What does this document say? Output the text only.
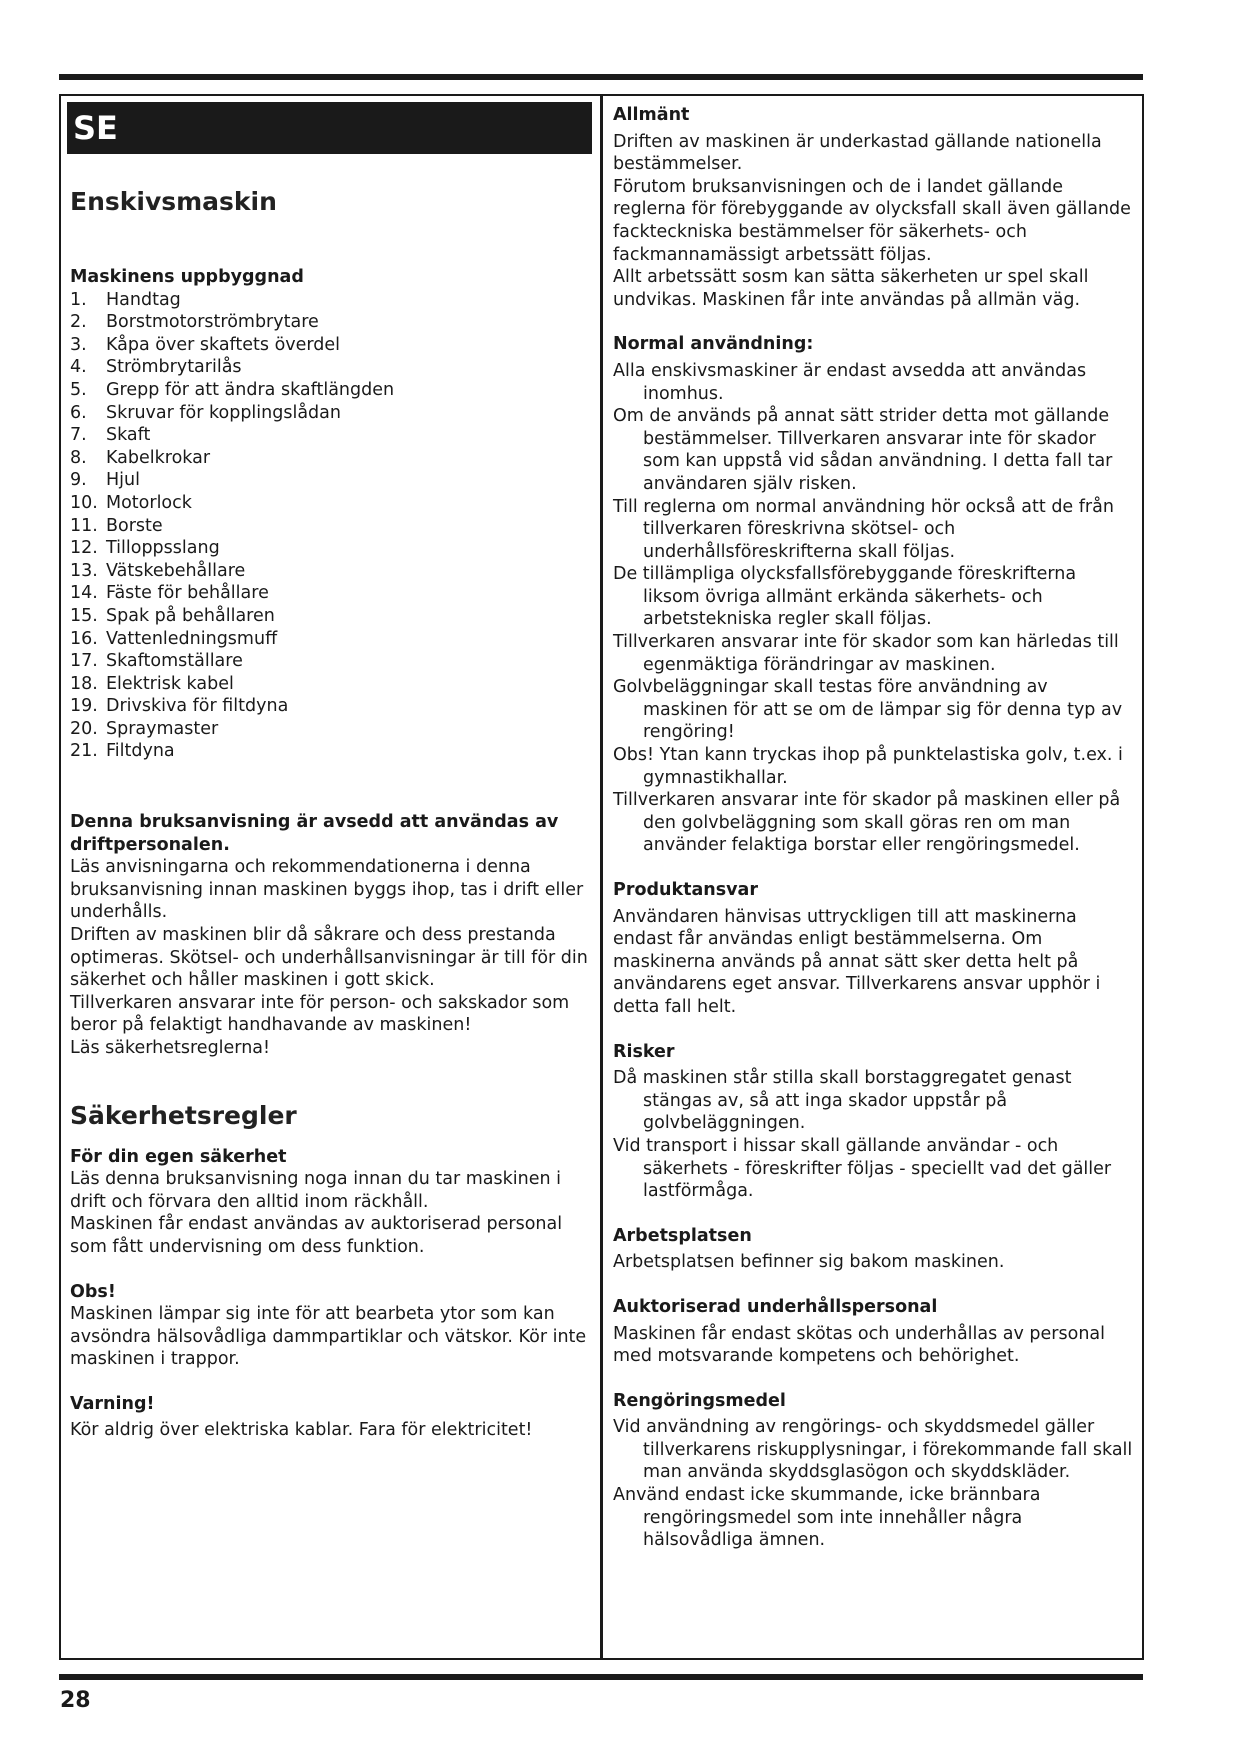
SE
Enskivsmaskin
Maskinens uppbyggnad
1.	Handtag
2.	Borstmotorströmbrytare
3.	Kåpa över skaftets överdel
4.	Strömbrytarilås
5.	Grepp för att ändra skaftlängden
6.	Skruvar för kopplingslådan
7.	Skaft
8.	Kabelkrokar
9.	Hjul
10. Motorlock
11. Borste
12. Tilloppsslang
13. Vätskebehållare
14. Fäste för behållare
15. Spak på behållaren
16. Vattenledningsmuff
17. Skaftomställare
18. Elektrisk kabel
19. Drivskiva för filtdyna
20. Spraymaster
21. Filtdyna
Denna bruksanvisning är avsedd att användas av driftpersonalen.

Läs anvisningarna och rekommendationerna i denna bruksanvisning innan maskinen byggs ihop, tas i drift eller underhålls.
Driften av maskinen blir då såkrare och dess prestanda optimeras. Skötsel- och underhållsanvisningar är till för din säkerhet och håller maskinen i gott skick.
Tillverkaren ansvarar inte för person- och sakskador som beror på felaktigt handhavande av maskinen!
Läs säkerhetsreglerna!

Säkerhetsregler
För din egen säkerhet

Läs denna bruksanvisning noga innan du tar maskinen i drift och förvara den alltid inom räckhåll.
Maskinen får endast användas av auktoriserad personal som fått undervisning om dess funktion.

Obs!

Maskinen lämpar sig inte för att bearbeta ytor som kan avsöndra hälsovådliga dammpartiklar och vätskor. Kör inte maskinen i trappor.

Varning!

Kör aldrig över elektriska kablar. Fara för elektricitet!

Allmänt

Driften av maskinen är underkastad gällande nationella bestämmelser.

Förutom bruksanvisningen och de i landet gällande reglerna för förebyggande av olycksfall skall även gällande fackteckniska bestämmelser för säkerhets- och fackmannamässigt arbetssätt följas.

Allt arbetssätt sosm kan sätta säkerheten ur spel skall undvikas. Maskinen får inte användas på allmän väg.

Normal användning:

Alla enskivsmaskiner är endast avsedda att användas inomhus.

Om de används på annat sätt strider detta mot gällande bestämmelser. Tillverkaren ansvarar inte för skador som kan uppstå vid sådan användning. I detta fall tar användaren själv risken.

Till reglerna om normal användning hör också att de från tillverkaren föreskrivna skötsel- och underhållsföreskrifterna skall följas.

De tillämpliga olycksfallsförebyggande föreskrifterna liksom övriga allmänt erkända säkerhets- och arbetstekniska regler skall följas.

Tillverkaren ansvarar inte för skador som kan härledas till egenmäktiga förändringar av maskinen.

Golvbeläggningar skall testas före användning av maskinen för att se om de lämpar sig för denna typ av rengöring!

Obs! Ytan kann tryckas ihop på punktelastiska golv, t.ex. i gymnastikhallar.

Tillverkaren ansvarar inte för skador på maskinen eller på den golvbeläggning som skall göras ren om man använder felaktiga borstar eller rengöringsmedel.

Produktansvar

Användaren hänvisas uttryckligen till att maskinerna endast får användas enligt bestämmelserna. Om maskinerna används på annat sätt sker detta helt på användarens eget ansvar. Tillverkarens ansvar upphör i detta fall helt.

Risker

Då maskinen står stilla skall borstaggregatet genast stängas av, så att inga skador uppstår på golvbeläggningen.

Vid transport i hissar skall gällande användar - och säkerhets - föreskrifter följas - speciellt vad det gäller lastförmåga.

Arbetsplatsen

Arbetsplatsen befinner sig bakom maskinen.

Auktoriserad underhållspersonal

Maskinen får endast skötas och underhållas av personal med motsvarande kompetens och behörighet.

Rengöringsmedel

Vid användning av rengörings- och skyddsmedel gäller tillverkarens riskupplysningar, i förekommande fall skall man använda skyddsglasögon och skyddskläder.

Använd endast icke skummande, icke brännbara rengöringsmedel som inte innehåller några hälsovådliga ämnen.

28
